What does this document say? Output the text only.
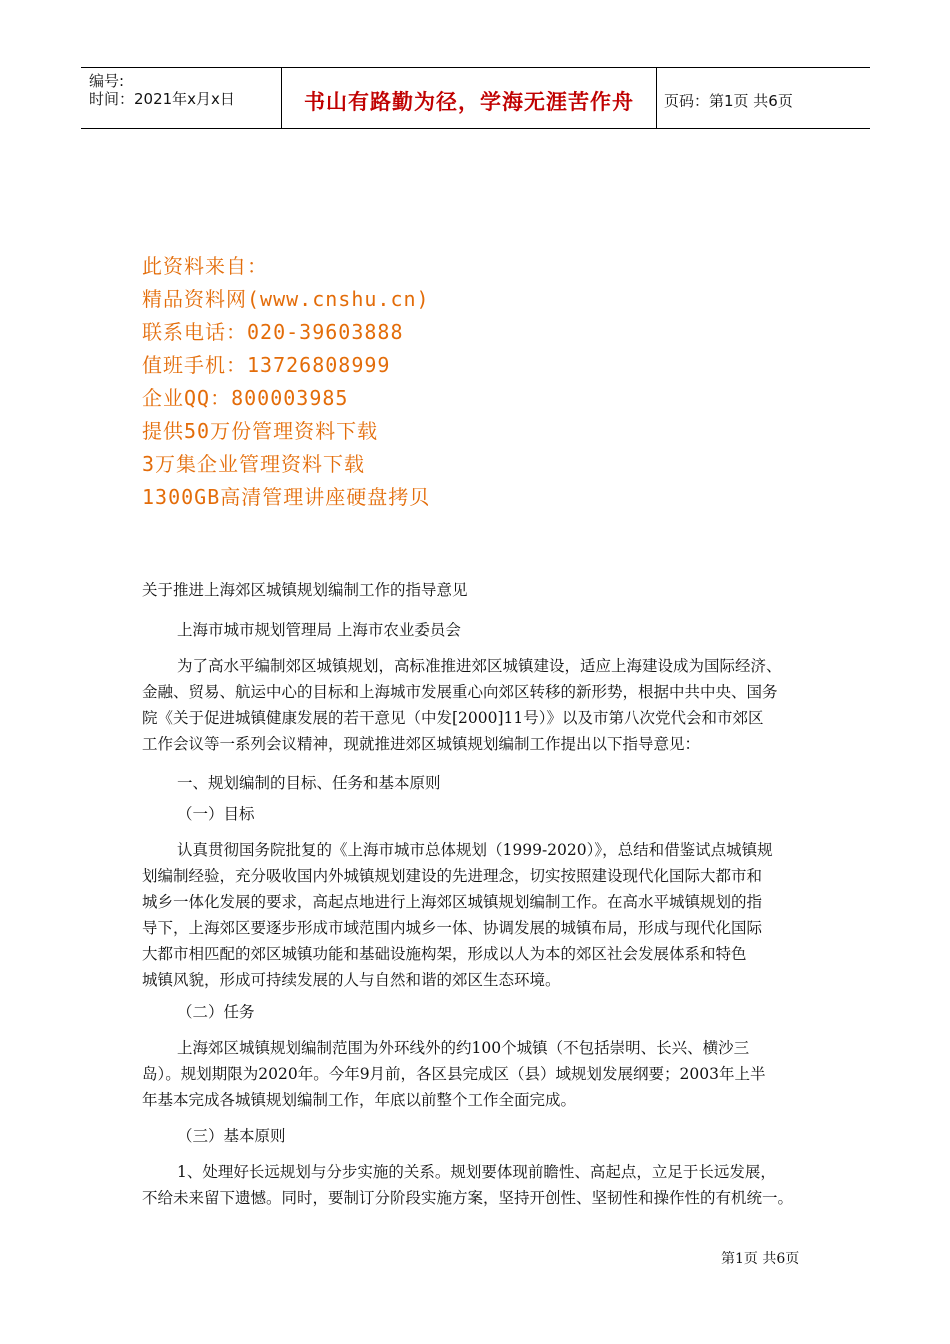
编号:
时间：2021年x月x日	书山有路勤为径，学海无涯苦作舟	页码：第1页 共6页
此资料来自：
精品资料网(www.cnshu.cn)
联系电话：020-39603888
值班手机：13726808999
企业QQ：800003985
提供50万份管理资料下载
3万集企业管理资料下载
1300GB高清管理讲座硬盘拷贝
关于推进上海郊区城镇规划编制工作的指导意见
上海市城市规划管理局 上海市农业委员会
为了高水平编制郊区城镇规划，高标准推进郊区城镇建设，适应上海建设成为国际经济、
金融、贸易、航运中心的目标和上海城市发展重心向郊区转移的新形势，根据中共中央、国务
院《关于促进城镇健康发展的若干意见（中发[2000]11号）》以及市第八次党代会和市郊区
工作会议等一系列会议精神，现就推进郊区城镇规划编制工作提出以下指导意见：
一、规划编制的目标、任务和基本原则
（一）目标
认真贯彻国务院批复的《上海市城市总体规划（1999-2020）》，总结和借鉴试点城镇规
划编制经验，充分吸收国内外城镇规划建设的先进理念，切实按照建设现代化国际大都市和
城乡一体化发展的要求，高起点地进行上海郊区城镇规划编制工作。在高水平城镇规划的指
导下，上海郊区要逐步形成市域范围内城乡一体、协调发展的城镇布局，形成与现代化国际
大都市相匹配的郊区城镇功能和基础设施构架，形成以人为本的郊区社会发展体系和特色
城镇风貌，形成可持续发展的人与自然和谐的郊区生态环境。
（二）任务
上海郊区城镇规划编制范围为外环线外的约100个城镇（不包括崇明、长兴、横沙三
岛）。规划期限为2020年。今年9月前，各区县完成区（县）域规划发展纲要；2003年上半
年基本完成各城镇规划编制工作，年底以前整个工作全面完成。
（三）基本原则
1、处理好长远规划与分步实施的关系。规划要体现前瞻性、高起点，立足于长远发展，
不给未来留下遗憾。同时，要制订分阶段实施方案，坚持开创性、坚韧性和操作性的有机统一。
第1页 共6页
